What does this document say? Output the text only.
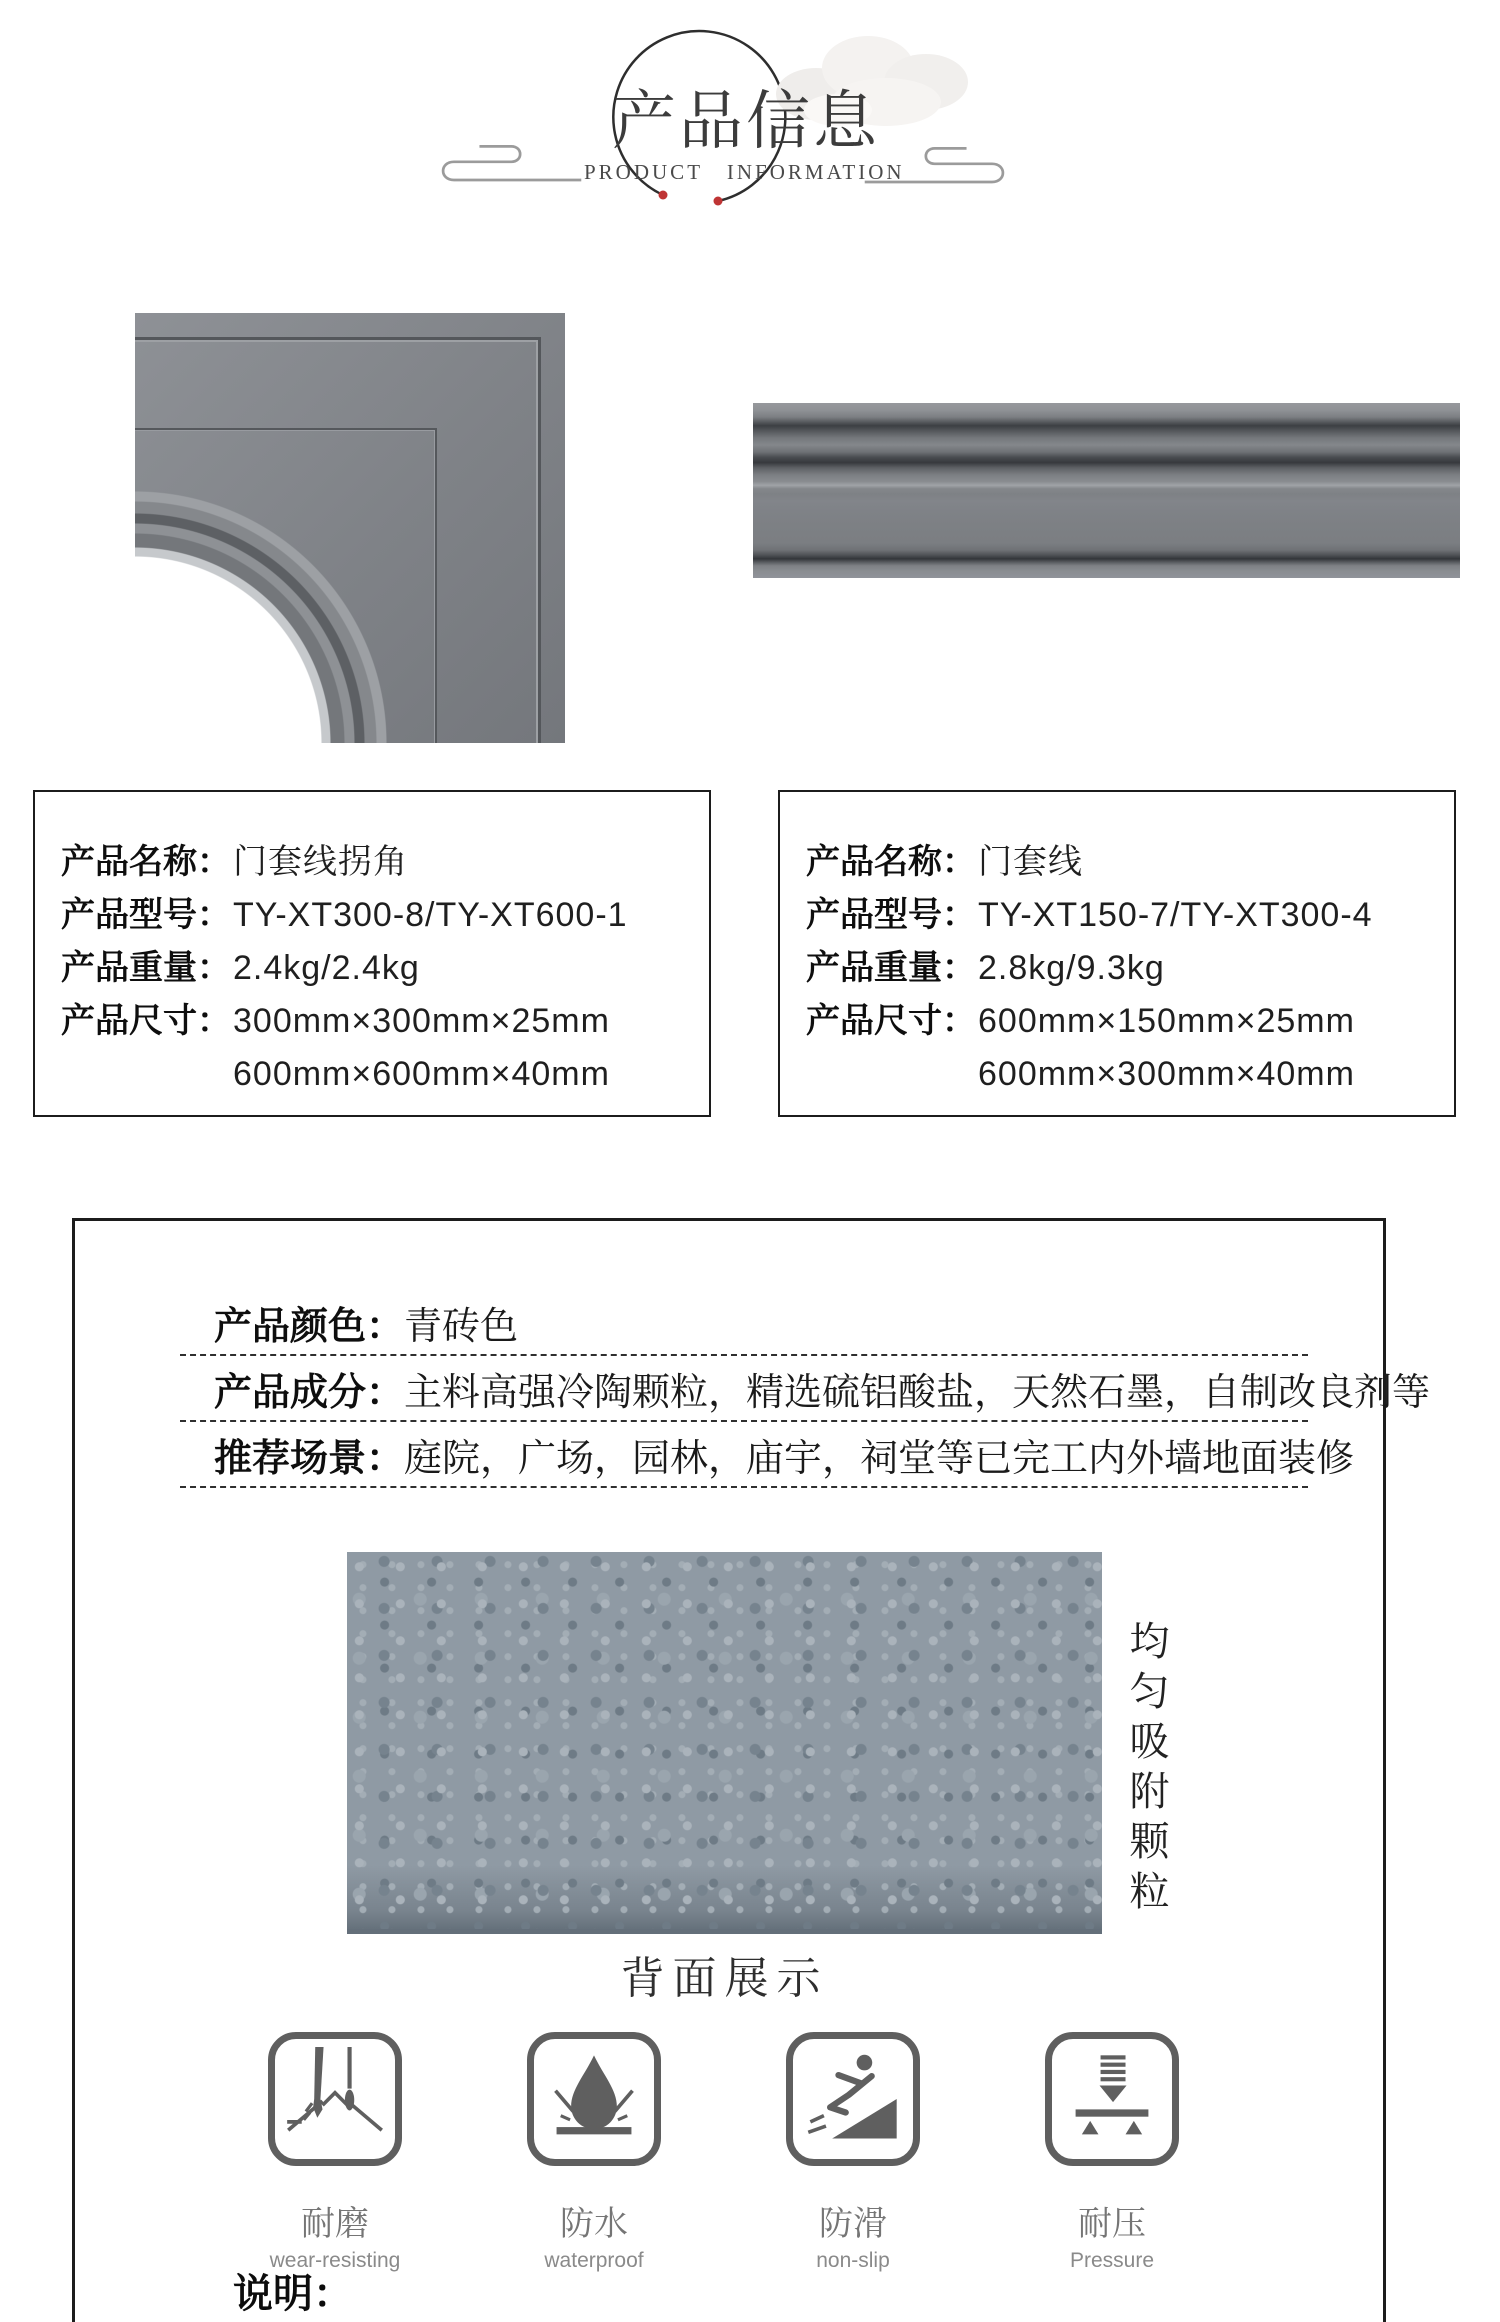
产品信息
PRODUCT INFORMATION
产品名称： 门套线拐角
产品型号： TY-XT300-8/TY-XT600-1
产品重量： 2.4kg/2.4kg
产品尺寸： 300mm×300mm×25mm
600mm×600mm×40mm
产品名称： 门套线
产品型号： TY-XT150-7/TY-XT300-4
产品重量： 2.8kg/9.3kg
产品尺寸： 600mm×150mm×25mm
600mm×300mm×40mm
产品颜色： 青砖色
产品成分： 主料高强冷陶颗粒，精选硫铝酸盐，天然石墨，自制改良剂等
推荐场景： 庭院，广场，园林，庙宇，祠堂等已完工内外墙地面装修
均匀吸附颗粒
背面展示
耐磨
wear-resisting
防水
waterproof
防滑
non-slip
耐压
Pressure
说明：
